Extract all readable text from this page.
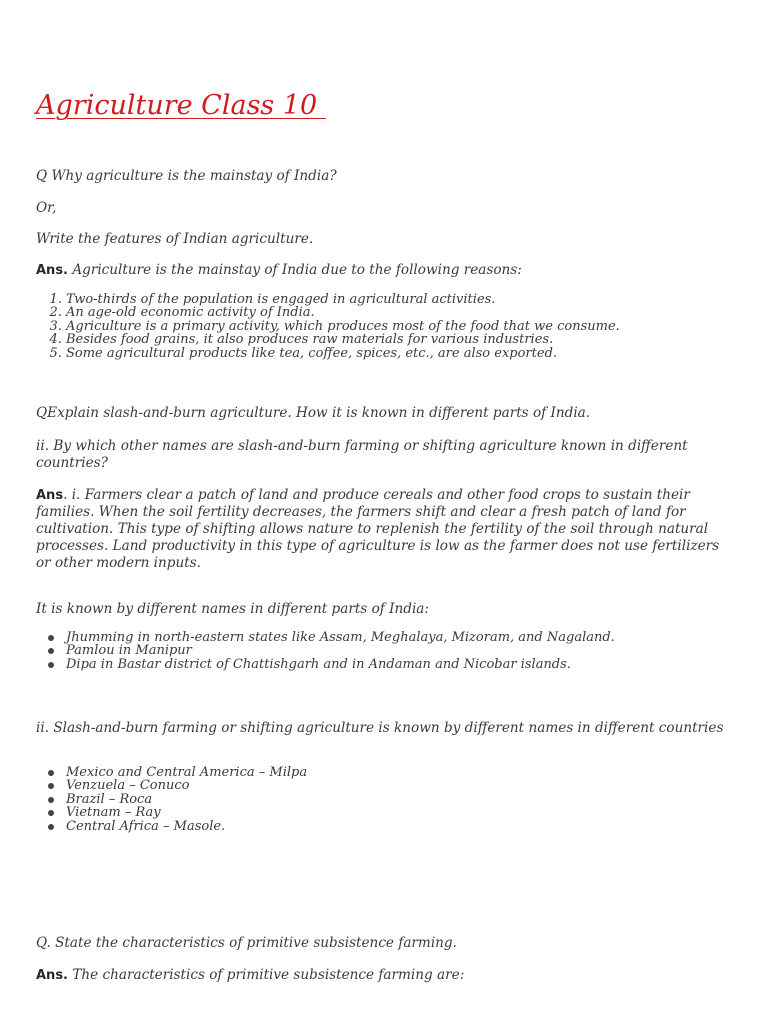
Agriculture Class 10

Q Why agriculture is the mainstay of India?

Or,

Write the features of Indian agriculture.

Ans. Agriculture is the mainstay of India due to the following reasons:

1. Two-thirds of the population is engaged in agricultural activities.
2. An age-old economic activity of India.
3. Agriculture is a primary activity, which produces most of the food that we consume.
4. Besides food grains, it also produces raw materials for various industries.
5. Some agricultural products like tea, coffee, spices, etc., are also exported.

QExplain slash-and-burn agriculture. How it is known in different parts of India.

ii. By which other names are slash-and-burn farming or shifting agriculture known in different countries?

Ans. i. Farmers clear a patch of land and produce cereals and other food crops to sustain their families. When the soil fertility decreases, the farmers shift and clear a fresh patch of land for cultivation. This type of shifting allows nature to replenish the fertility of the soil through natural processes. Land productivity in this type of agriculture is low as the farmer does not use fertilizers or other modern inputs.

It is known by different names in different parts of India:

Jhumming in north-eastern states like Assam, Meghalaya, Mizoram, and Nagaland.
Pamlou in Manipur
Dipa in Bastar district of Chattishgarh and in Andaman and Nicobar islands.

ii. Slash-and-burn farming or shifting agriculture is known by different names in different countries

Mexico and Central America – Milpa
Venzuela – Conuco
Brazil – Roca
Vietnam – Ray
Central Africa – Masole.

Q. State the characteristics of primitive subsistence farming.

Ans. The characteristics of primitive subsistence farming are:
